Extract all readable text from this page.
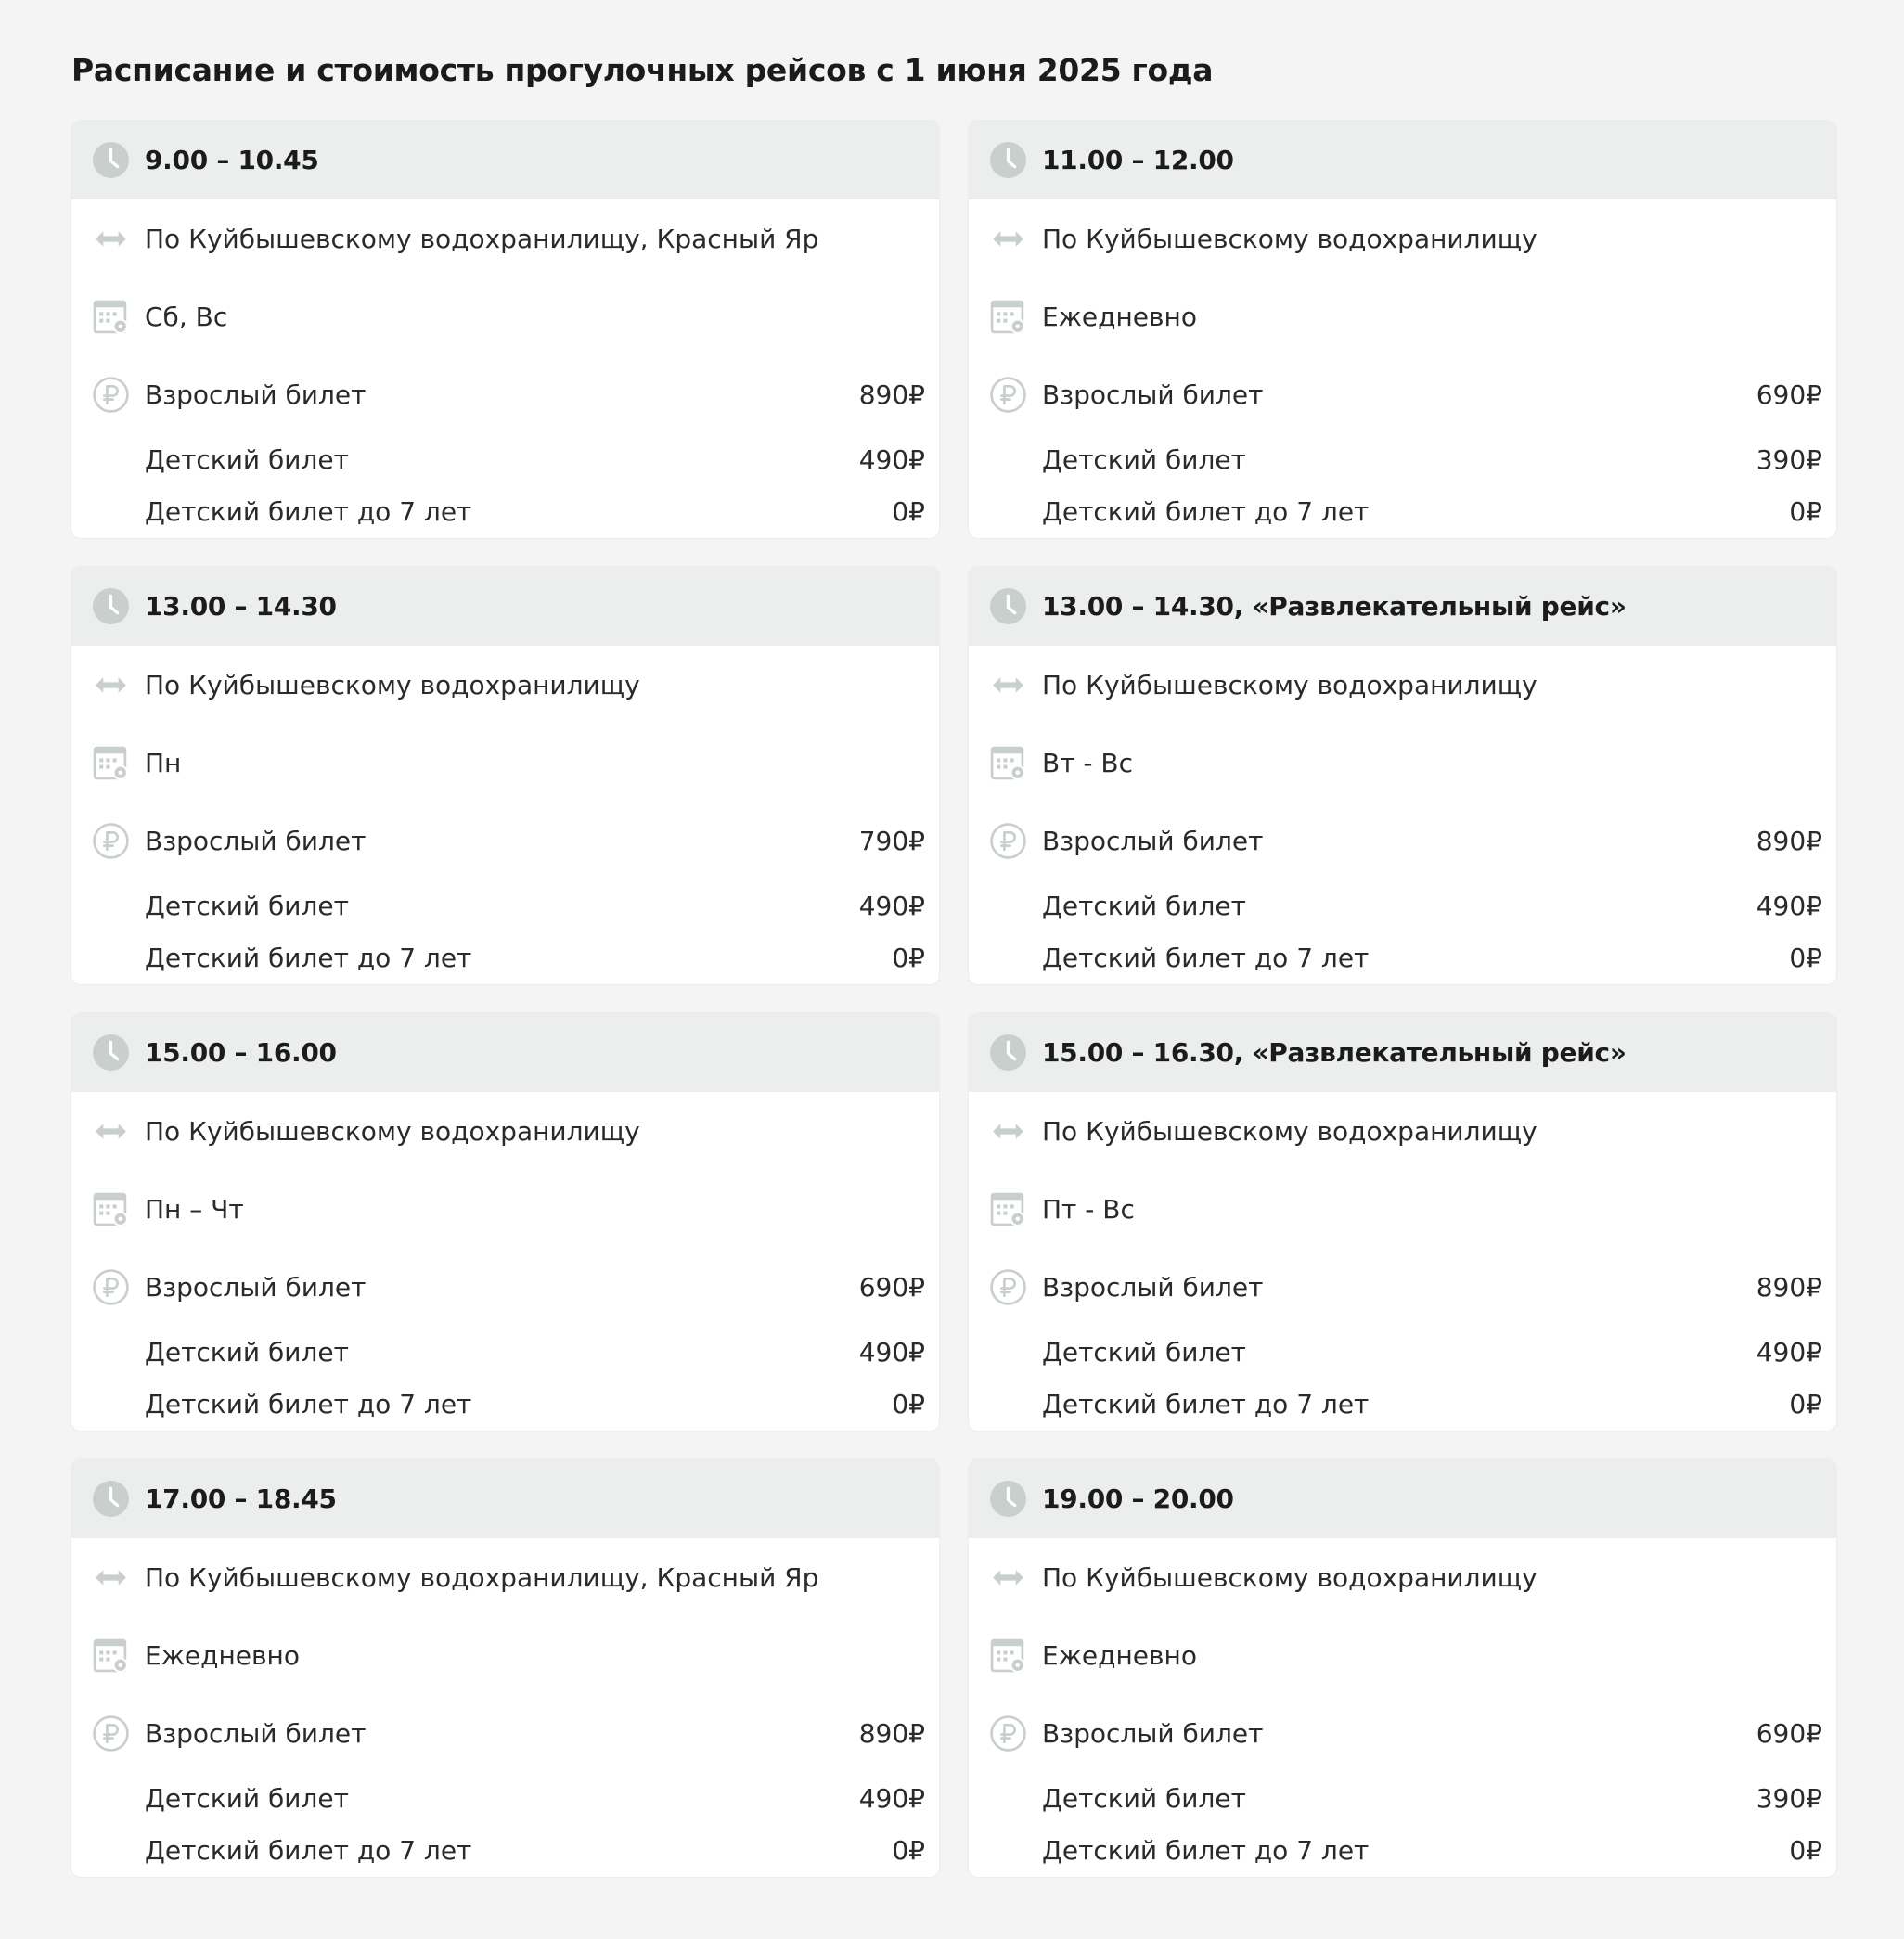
Расписание и стоимость прогулочных рейсов с 1 июня 2025 года
9.00 – 10.45
По Куйбышевскому водохранилищу, Красный Яр
Сб, Вс
Взрослый билет	890₽
Детский билет	490₽
Детский билет до 7 лет	0₽
11.00 – 12.00
По Куйбышевскому водохранилищу
Ежедневно
Взрослый билет	690₽
Детский билет	390₽
Детский билет до 7 лет	0₽
13.00 – 14.30
По Куйбышевскому водохранилищу
Пн
Взрослый билет	790₽
Детский билет	490₽
Детский билет до 7 лет	0₽
13.00 – 14.30, «Развлекательный рейс»
По Куйбышевскому водохранилищу
Вт - Вс
Взрослый билет	890₽
Детский билет	490₽
Детский билет до 7 лет	0₽
15.00 – 16.00
По Куйбышевскому водохранилищу
Пн – Чт
Взрослый билет	690₽
Детский билет	490₽
Детский билет до 7 лет	0₽
15.00 – 16.30, «Развлекательный рейс»
По Куйбышевскому водохранилищу
Пт - Вс
Взрослый билет	890₽
Детский билет	490₽
Детский билет до 7 лет	0₽
17.00 – 18.45
По Куйбышевскому водохранилищу, Красный Яр
Ежедневно
Взрослый билет	890₽
Детский билет	490₽
Детский билет до 7 лет	0₽
19.00 – 20.00
По Куйбышевскому водохранилищу
Ежедневно
Взрослый билет	690₽
Детский билет	390₽
Детский билет до 7 лет	0₽
